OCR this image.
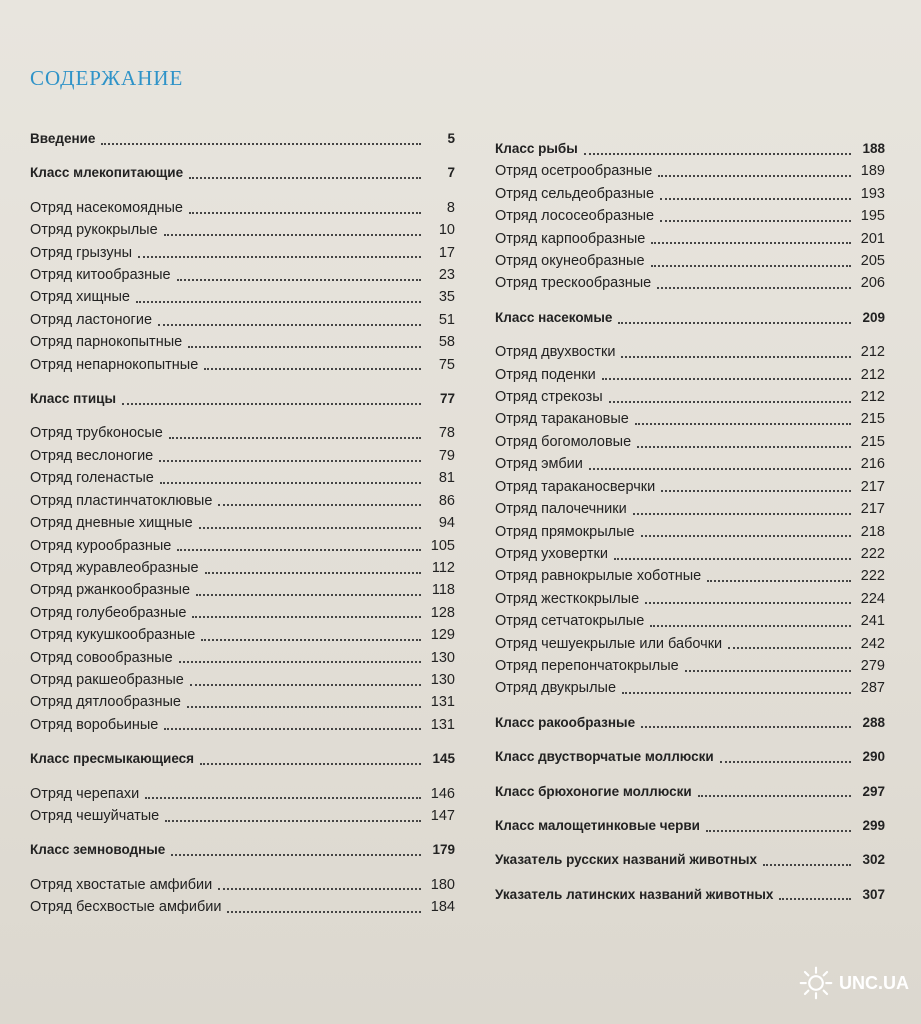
СОДЕРЖАНИЕ
Введение	5
Класс млекопитающие	7
Отряд насекомоядные	8
Отряд рукокрылые	10
Отряд грызуны	17
Отряд китообразные	23
Отряд хищные	35
Отряд ластоногие	51
Отряд парнокопытные	58
Отряд непарнокопытные	75
Класс птицы	77
Отряд трубконосые	78
Отряд веслоногие	79
Отряд голенастые	81
Отряд пластинчатоклювые	86
Отряд дневные хищные	94
Отряд курообразные	105
Отряд журавлеобразные	112
Отряд ржанкообразные	118
Отряд голубеобразные	128
Отряд кукушкообразные	129
Отряд совообразные	130
Отряд ракшеобразные	130
Отряд дятлообразные	131
Отряд воробьиные	131
Класс пресмыкающиеся	145
Отряд черепахи	146
Отряд чешуйчатые	147
Класс земноводные	179
Отряд хвостатые амфибии	180
Отряд бесхвостые амфибии	184
Класс рыбы	188
Отряд осетрообразные	189
Отряд сельдеобразные	193
Отряд лососеобразные	195
Отряд карпообразные	201
Отряд окунеобразные	205
Отряд трескообразные	206
Класс насекомые	209
Отряд двухвостки	212
Отряд поденки	212
Отряд стрекозы	212
Отряд таракановые	215
Отряд богомоловые	215
Отряд эмбии	216
Отряд тараканосверчки	217
Отряд палочечники	217
Отряд прямокрылые	218
Отряд уховертки	222
Отряд равнокрылые хоботные	222
Отряд жесткокрылые	224
Отряд сетчатокрылые	241
Отряд чешуекрылые или бабочки	242
Отряд перепончатокрылые	279
Отряд двукрылые	287
Класс ракообразные	288
Класс двустворчатые моллюски	290
Класс брюхоногие моллюски	297
Класс малощетинковые черви	299
Указатель русских названий животных	302
Указатель латинских названий животных	307
UNC.UA
